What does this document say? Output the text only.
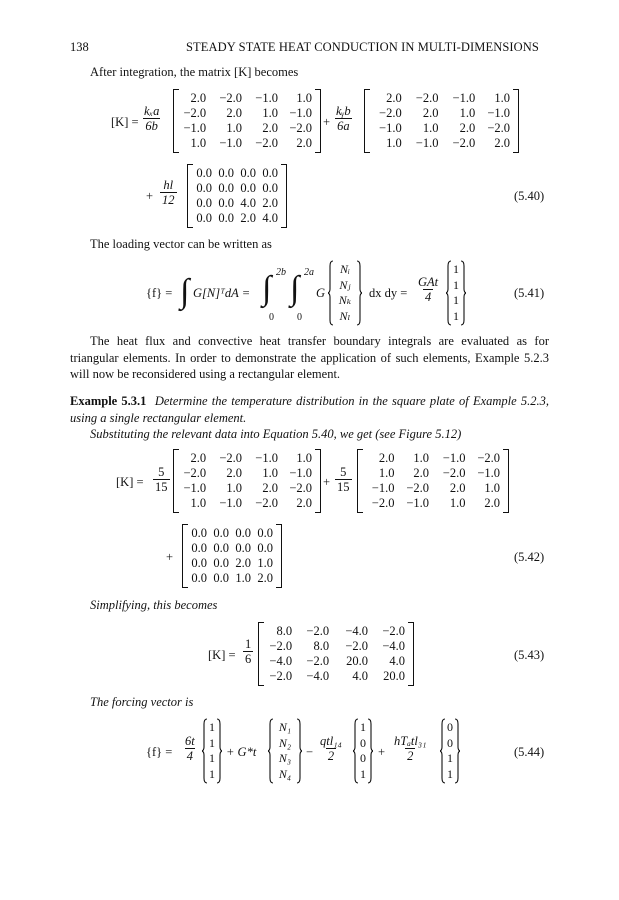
138	STEADY STATE HEAT CONDUCTION IN MULTI-DIMENSIONS
After integration, the matrix [K] becomes
[K] =
kₓa
6b
2.0	−2.0	−1.0	1.0
−2.0	2.0	1.0 −1.0
−1.0	1.0	2.0 −2.0
1.0	−1.0	−2.0	2.0
+
kᵧb
6a
2.0	−2.0	−1.0	1.0
−2.0	2.0	1.0 −1.0
−1.0	1.0	2.0 −2.0
1.0	−1.0	−2.0	2.0
+ $\frac{hl}{12}$
0.0 0.0 0.0 0.0
0.0 0.0 0.0 0.0
0.0 0.0 4.0 2.0
0.0 0.0 2.0 4.0
(5.40)
The loading vector can be written as
{f} = ∫ G[N]ᵀdA = ∫ 2b
0
∫ 2a
0
G
Nᵢ
Nⱼ
Nₖ
Nₗ
dx dy =
GAt
4
1
1
1
1
(5.41)
The heat flux and convective heat transfer boundary integrals are evaluated as for triangular elements. In order to demonstrate the application of such elements, Example 5.2.3 will now be reconsidered using a rectangular element.
Example 5.3.1 Determine the temperature distribution in the square plate of Example 5.2.3, using a single rectangular element.
Substituting the relevant data into Equation 5.40, we get (see Figure 5.12)
$[K] = \frac{5}{15}$
2.0	−2.0	−1.0	1.0
−2.0	2.0	1.0 −1.0
−1.0	1.0	2.0 −2.0
1.0	−1.0	−2.0	2.0
+ $\frac{5}{15}$
2.0	1.0	−1.0 −2.0
1.0	2.0	−2.0 −1.0
−1.0 −2.0	2.0	1.0
−2.0 −1.0	1.0	2.0
+
0.0 0.0 0.0 0.0
0.0 0.0 0.0 0.0
0.0 0.0 2.0 1.0
0.0 0.0 1.0 2.0
(5.42)
Simplifying, this becomes
$[K] = \frac{1}{6}$
8.0	−2.0	−4.0	−2.0
−2.0	8.0	−2.0	−4.0
−4.0	−2.0	20.0	4.0
−2.0	−4.0	4.0	20.0
(5.43)
The forcing vector is
$\{f\} = \frac{6t}{4}$
1
1
1
1
+ G*t
N₁
N₂
N₃
N₄
−
qtl₁₄
2
1
0
0
1
+
hTₐtl₃₁
2
0
0
1
1
(5.44)
